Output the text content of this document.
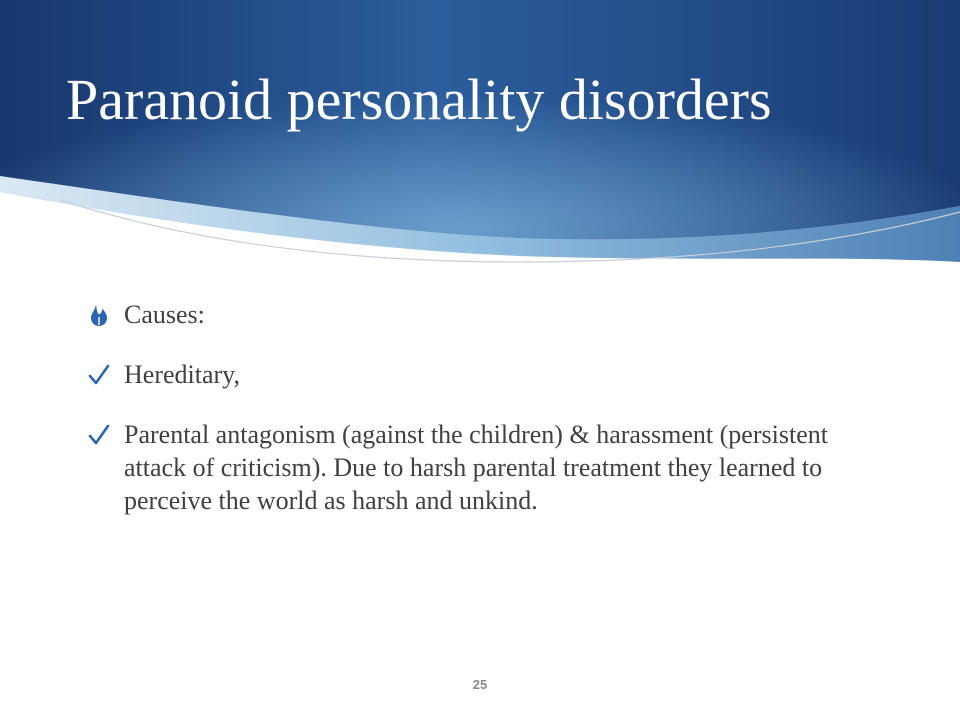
Paranoid personality disorders
Causes:
Hereditary,
Parental antagonism (against the children) & harassment (persistent attack of criticism). Due to harsh parental treatment they learned to perceive the world as harsh and unkind.
25
